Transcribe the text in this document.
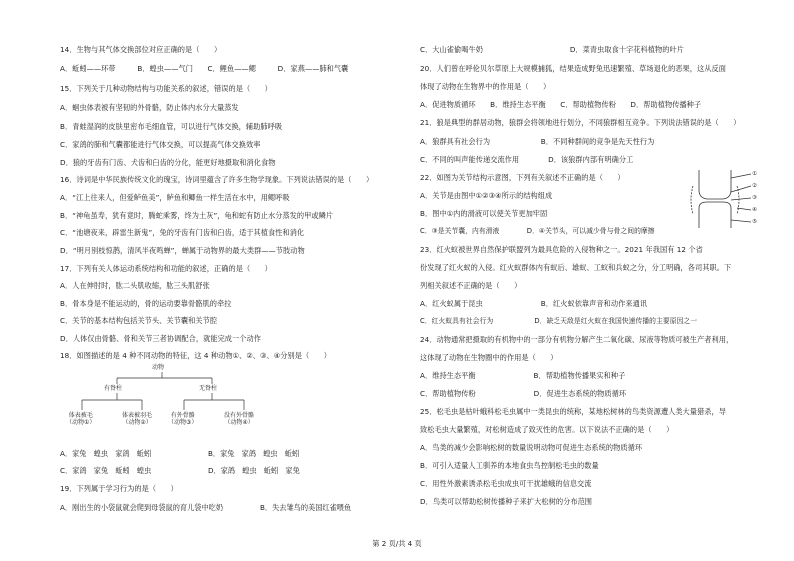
14．生物与其气体交换部位对应正确的是（　　）
A．蚯蚓——环带　　　B．蝗虫——气门　　C．鲤鱼——鳃　　　D．家燕——肺和气囊
15．下列关于几种动物结构与功能关系的叙述，错误的是（　　）
A．蛔虫体表被有坚韧的外骨骼，防止体内水分大量蒸发
B．青蛙湿润的皮肤里密布毛细血管，可以进行气体交换，辅助肺呼吸
C．家鸽的肺和气囊都能进行气体交换，可以提高气体交换效率
D．狼的牙齿有门齿、犬齿和臼齿的分化，能更好地摄取和消化食物
16．诗词是中华民族传统文化的瑰宝，诗词里蕴含了许多生物学现象。下列说法错误的是（　　）
A．“江上往来人，但爱鲈鱼美”，鲈鱼和鲫鱼一样生活在水中，用鳃呼吸
B．“神龟虽寿，犹有竟时，腾蛇乘雾，终为土灰”，龟和蛇有防止水分蒸发的甲或鳞片
C．“池塘夜来，辟雷生新鬼”，兔的牙齿有门齿和臼齿，适于其植食性和消化
D．“明月别枝惊鹊，清风半夜鸣蝉”，蝉属于动物界的最大类群——节肢动物
17．下列有关人体运动系统结构和功能的叙述，正确的是（　　）
A．人在伸肘时，肱二头肌收缩，肱三头肌舒张
B．骨本身是不能运动的，骨的运动要靠骨骼肌的牵拉
C．关节的基本结构包括关节头、关节囊和关节腔
D．人体仅由骨骼、骨和关节三者协调配合，就能完成一个动作
18．如图描述的是 4 种不同动物的特征，这 4 种动物①、②、③、④分别是（　　）
A．家兔　蝗虫　家鸽　蚯蚓	B．家兔　家鸽　蝗虫　蚯蚓
C．家鸽　家兔　蚯蚓　蝗虫	D．家鸽　蝗虫　蚯蚓　家兔
19．下列属于学习行为的是（　　）
A．刚出生的小袋鼠就会爬到母袋鼠的育儿袋中吃奶	B．失去雏鸟的美国红雀喂鱼
动物
有脊柱	无脊柱
体表被毛
（动物①）
体表被羽毛
（动物②）
有外骨骼
（动物③）
没有外骨骼
（动物④）
C．大山雀偷喝牛奶　　　　　　　　　　　　D．菜青虫取食十字花科植物的叶片
20．人们曾在呼伦贝尔草原上大规模捕狐，结果造成野兔迅速繁殖、草场退化的恶果，这从反面
体现了动物在生物界中的作用是（　　）
A．促进物质循环　　B．维持生态平衡　　C．帮助植物传粉　　D．帮助植物传播种子
21．狼是典型的群居动物，狼群会将领地进行划分，不同狼群相互竞争。下列说法错误的是（　　）
A．狼群具有社会行为　　　　　　　B．不同种群间的竞争是先天性行为
C．不同的叫声能传递交流作用　　　　D．该狼群内部有明确分工
22．如图为关节结构示意图，下列有关叙述不正确的是（　　）
A．关节是由图中①②③④所示的结构组成
B．图中①内的滑液可以使关节更加牢固
C．③是关节囊，内有滑液　　　　D．④关节头，可以减少骨与骨之间的摩擦
23．红火蚁被世界自然保护联盟列为最具危险的入侵物种之一。2021 年我国有 12 个省
份发现了红火蚁的入侵。红火蚁群体内有蚁后、雄蚁、工蚁和兵蚁之分，分工明确，各司其职。下
列相关叙述不正确的是（　　）
A．红火蚁属于昆虫　　　　　　　　B．红火蚁依靠声音和动作来通讯
C．红火蚁具有社会行为　　　　　　D．缺乏天敌是红火蚁在我国快速传播的主要原因之一
24．动物通常把摄取的有机物中的一部分有机物分解产生二氧化碳、尿液等物质可被生产者利用，
这体现了动物在生物圈中的作用是（　　）
A．维持生态平衡　　　　　　　　B．帮助植物传播果实和种子
C．帮助植物传粉　　　　　　　　D．促进生态系统的物质循环
25．松毛虫是枯叶蛾科松毛虫属中一类昆虫的统称，某地松树林的鸟类资源遭人类大量猎杀，导
致松毛虫大量繁殖，对松树造成了致灭性的危害。以下说法不正确的是（　　）
A．鸟类的减少会影响松树的数量说明动物可促进生态系统的物质循环
B．可引入适量人工驯养的本地食虫鸟控制松毛虫的数量
C．用性外激素诱杀松毛虫成虫可干扰雄蛾的信息交流
D．鸟类可以帮助松树传播种子来扩大松树的分布范围
①
②
③
④
⑤
第 2 页/共 4 页
